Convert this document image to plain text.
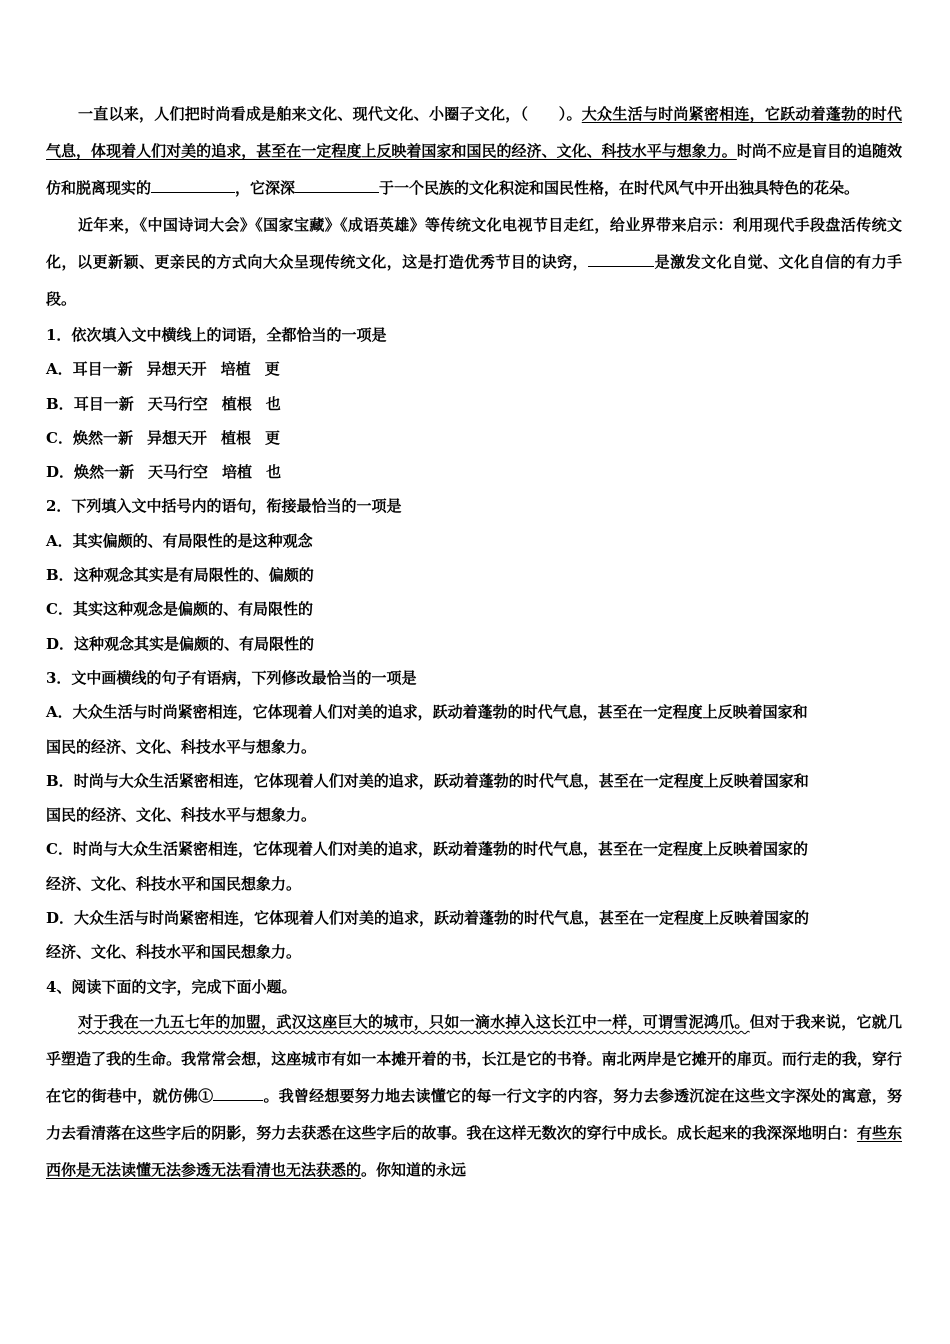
一直以来，人们把时尚看成是舶来文化、现代文化、小圈子文化，（　　）。大众生活与时尚紧密相连，它跃动着蓬勃的时代气息，体现着人们对美的追求，甚至在一定程度上反映着国家和国民的经济、文化、科技水平与想象力。时尚不应是盲目的追随效仿和脱离现实的	，它深深	于一个民族的文化积淀和国民性格，在时代风气中开出独具特色的花朵。

近年来，《中国诗词大会》《国家宝藏》《成语英雄》等传统文化电视节目走红，给业界带来启示：利用现代手段盘活传统文化，以更新颖、更亲民的方式向大众呈现传统文化，这是打造优秀节目的诀窍，	是激发文化自觉、文化自信的有力手段。

1．依次填入文中横线上的词语，全都恰当的一项是

A．耳目一新 异想天开 培植 更

B．耳目一新 天马行空 植根 也

C．焕然一新 异想天开 植根 更

D．焕然一新 天马行空 培植 也

2．下列填入文中括号内的语句，衔接最恰当的一项是

A．其实偏颇的、有局限性的是这种观念

B．这种观念其实是有局限性的、偏颇的

C．其实这种观念是偏颇的、有局限性的

D．这种观念其实是偏颇的、有局限性的

3．文中画横线的句子有语病，下列修改最恰当的一项是

A．大众生活与时尚紧密相连，它体现着人们对美的追求，跃动着蓬勃的时代气息，甚至在一定程度上反映着国家和

国民的经济、文化、科技水平与想象力。

B．时尚与大众生活紧密相连，它体现着人们对美的追求，跃动着蓬勃的时代气息，甚至在一定程度上反映着国家和

国民的经济、文化、科技水平与想象力。

C．时尚与大众生活紧密相连，它体现着人们对美的追求，跃动着蓬勃的时代气息，甚至在一定程度上反映着国家的

经济、文化、科技水平和国民想象力。

D．大众生活与时尚紧密相连，它体现着人们对美的追求，跃动着蓬勃的时代气息，甚至在一定程度上反映着国家的

经济、文化、科技水平和国民想象力。

4、阅读下面的文字，完成下面小题。

对于我在一九五七年的加盟，武汉这座巨大的城市，只如一滴水掉入这长江中一样，可谓雪泥鸿爪。但对于我来说，它就几乎塑造了我的生命。我常常会想，这座城市有如一本摊开着的书，长江是它的书脊。南北两岸是它摊开的扉页。而行走的我，穿行在它的街巷中，就仿佛①	。我曾经想要努力地去读懂它的每一行文字的内容，努力去参透沉淀在这些文字深处的寓意，努力去看清落在这些字后的阴影，努力去获悉在这些字后的故事。我在这样无数次的穿行中成长。成长起来的我深深地明白：有些东西你是无法读懂无法参透无法看清也无法获悉的。你知道的永远
